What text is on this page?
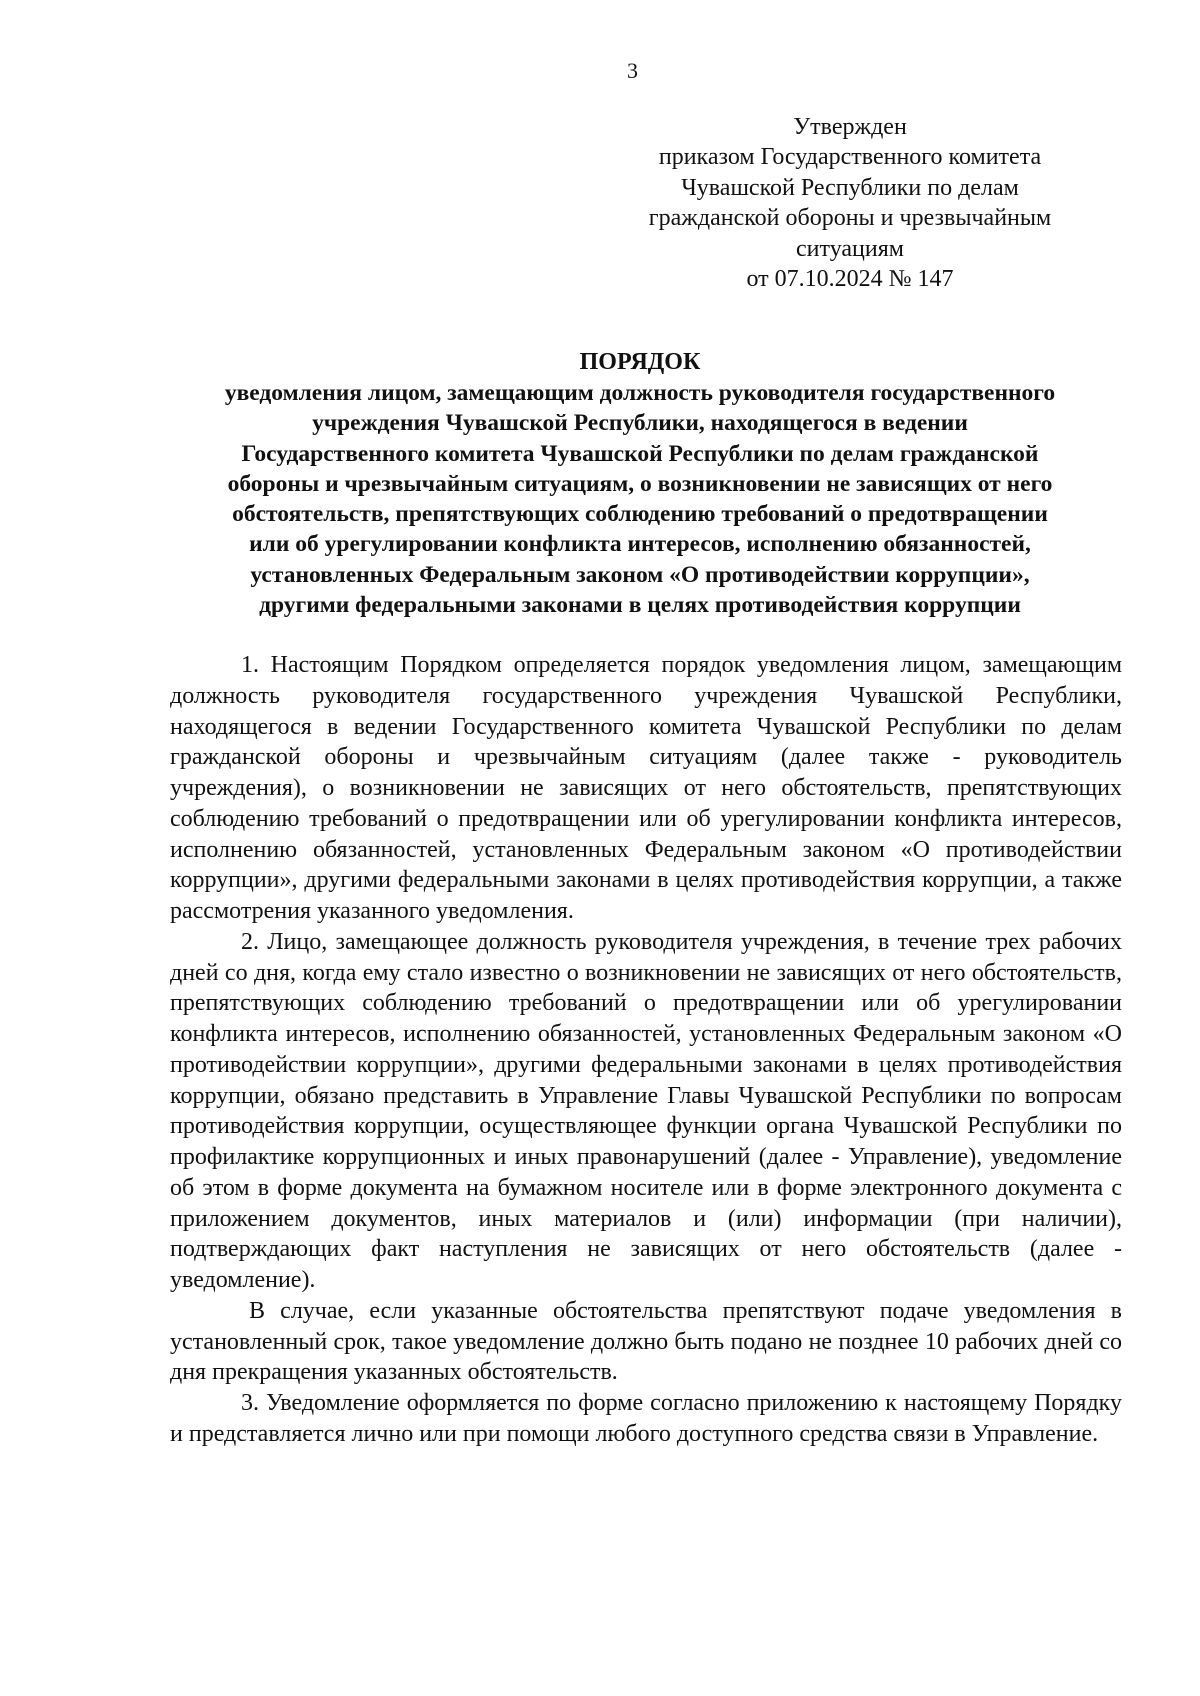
3
Утвержден
приказом Государственного комитета
Чувашской Республики по делам
гражданской обороны и чрезвычайным
ситуациям
от 07.10.2024 № 147
ПОРЯДОК
уведомления лицом, замещающим должность руководителя государственного
учреждения Чувашской Республики, находящегося в ведении
Государственного комитета Чувашской Республики по делам гражданской
обороны и чрезвычайным ситуациям, о возникновении не зависящих от него
обстоятельств, препятствующих соблюдению требований о предотвращении
или об урегулировании конфликта интересов, исполнению обязанностей,
установленных Федеральным законом «О противодействии коррупции»,
другими федеральными законами в целях противодействия коррупции

1. Настоящим Порядком определяется порядок уведомления лицом, замещающим должность руководителя государственного учреждения Чувашской Республики, находящегося в ведении Государственного комитета Чувашской Республики по делам гражданской обороны и чрезвычайным ситуациям (далее также - руководитель учреждения), о возникновении не зависящих от него обстоятельств, препятствующих соблюдению требований о предотвращении или об урегулировании конфликта интересов, исполнению обязанностей, установленных Федеральным законом «О противодействии коррупции», другими федеральными законами в целях противодействия коррупции, а также рассмотрения указанного уведомления.

2. Лицо, замещающее должность руководителя учреждения, в течение трех рабочих дней со дня, когда ему стало известно о возникновении не зависящих от него обстоятельств, препятствующих соблюдению требований о предотвращении или об урегулировании конфликта интересов, исполнению обязанностей, установленных Федеральным законом «О противодействии коррупции», другими федеральными законами в целях противодействия коррупции, обязано представить в Управление Главы Чувашской Республики по вопросам противодействия коррупции, осуществляющее функции органа Чувашской Республики по профилактике коррупционных и иных правонарушений (далее - Управление), уведомление об этом в форме документа на бумажном носителе или в форме электронного документа с приложением документов, иных материалов и (или) информации (при наличии), подтверждающих факт наступления не зависящих от него обстоятельств (далее - уведомление).

В случае, если указанные обстоятельства препятствуют подаче уведомления в установленный срок, такое уведомление должно быть подано не позднее 10 рабочих дней со дня прекращения указанных обстоятельств.

3. Уведомление оформляется по форме согласно приложению к настоящему Порядку и представляется лично или при помощи любого доступного средства связи в Управление.
